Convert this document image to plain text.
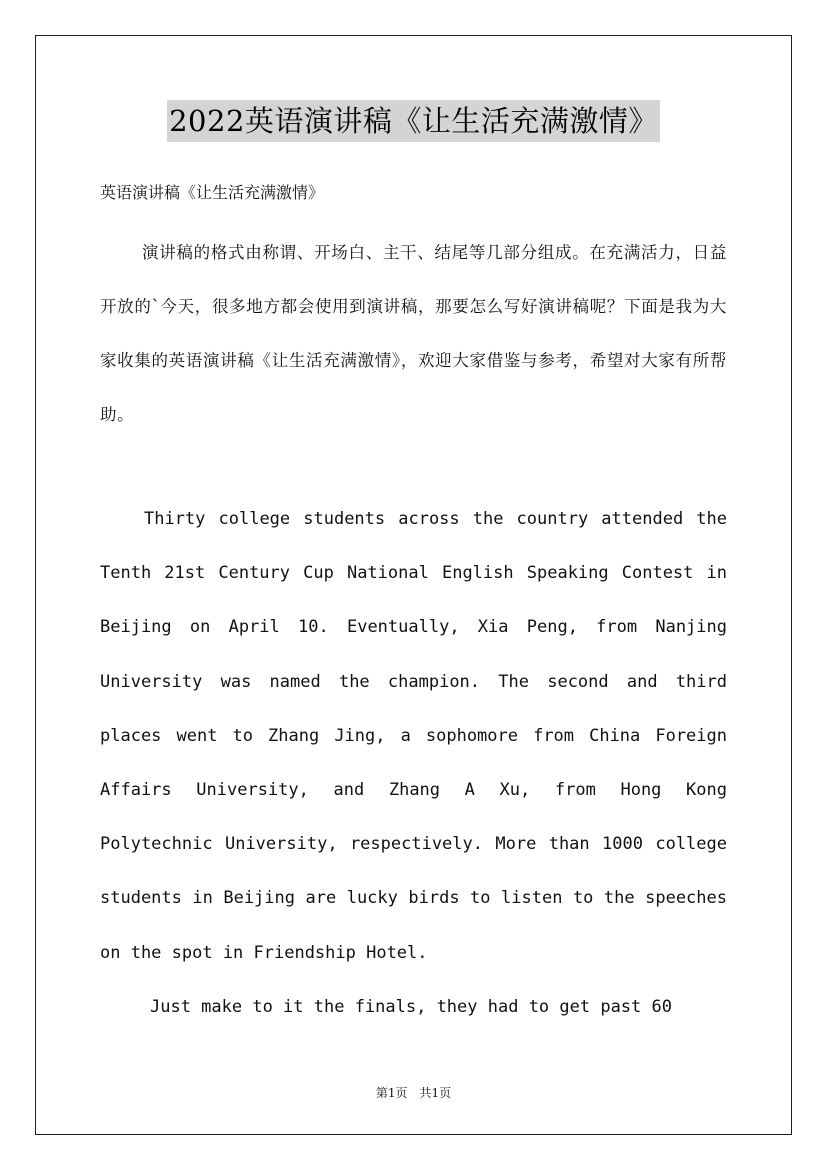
2022英语演讲稿《让生活充满激情》
英语演讲稿《让生活充满激情》

演讲稿的格式由称谓、开场白、主干、结尾等几部分组成。在充满活力，日益开放的`今天，很多地方都会使用到演讲稿，那要怎么写好演讲稿呢？下面是我为大家收集的英语演讲稿《让生活充满激情》，欢迎大家借鉴与参考，希望对大家有所帮助。

Thirty college students across the country attended the Tenth 21st Century Cup National English Speaking Contest in Beijing on April 10. Eventually, Xia Peng, from Nanjing University was named the champion. The second and third places went to Zhang Jing, a sophomore from China Foreign Affairs University, and Zhang A Xu, from Hong Kong Polytechnic University, respectively. More than 1000 college students in Beijing are lucky birds to listen to the speeches on the spot in Friendship Hotel.

Just make to it the finals, they had to get past 60

第1页　共1页
